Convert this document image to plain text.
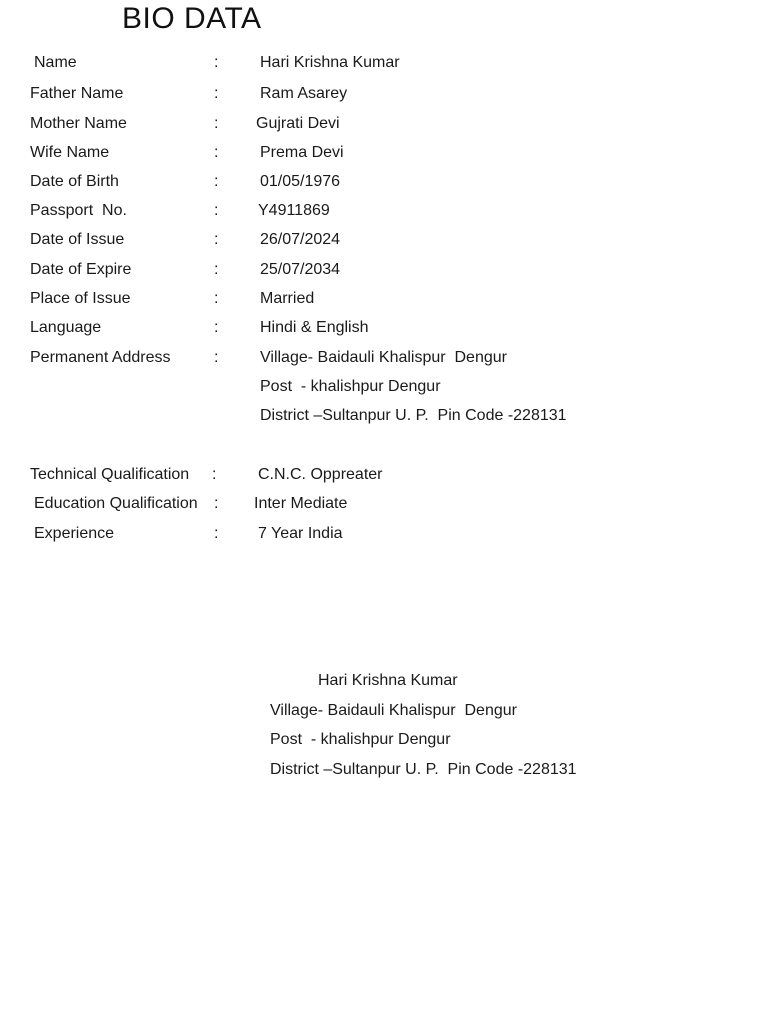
BIO DATA
Name	:	Hari Krishna Kumar
Father Name	:	Ram Asarey
Mother Name	: Gujrati Devi
Wife Name	:	Prema Devi
Date of Birth	:	01/05/1976
Passport  No.	: Y4911869
Date of Issue	:	26/07/2024
Date of Expire	:	25/07/2034
Place of Issue	:	Married
Language	:	Hindi & English
Permanent Address	:	Village- Baidauli Khalispur  Dengur
Post  - khalishpur Dengur
District –Sultanpur U. P.  Pin Code -228131
Technical Qualification :	C.N.C. Oppreater
Education Qualification : Inter Mediate
Experience	: 7 Year India
Hari Krishna Kumar
Village- Baidauli Khalispur  Dengur
Post  - khalishpur Dengur
District –Sultanpur U. P.  Pin Code -228131
